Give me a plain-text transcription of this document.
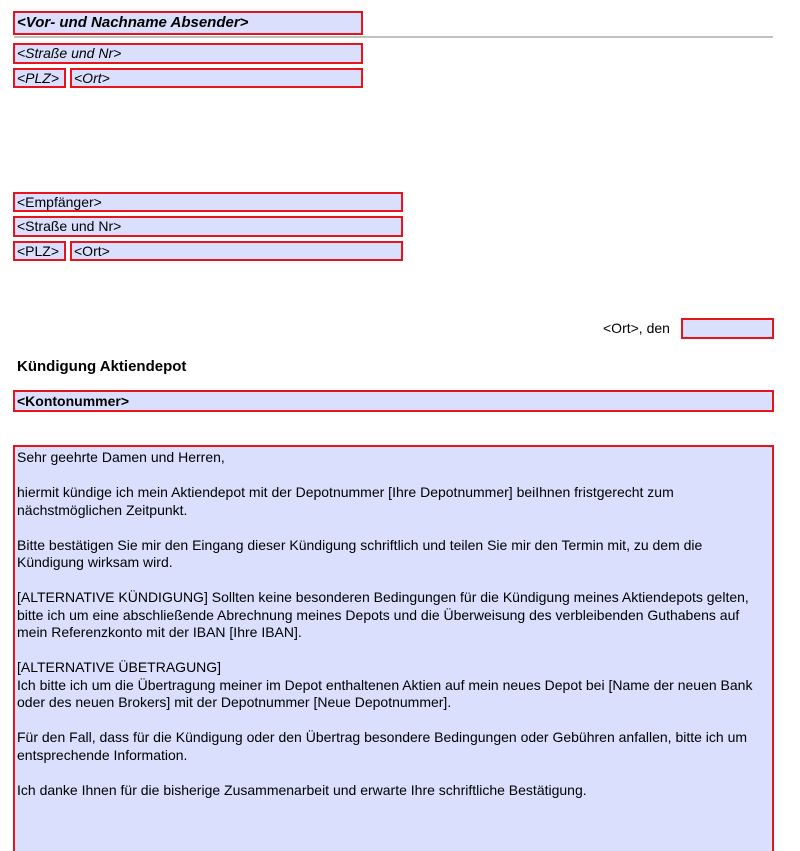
<Vor- und Nachname Absender>
<Straße und Nr>
<PLZ>	<Ort>
<Empfänger>
<Straße und Nr>
<PLZ>	<Ort>
<Ort>, den
Kündigung Aktiendepot
<Kontonummer>

Sehr geehrte Damen und Herren,

hiermit kündige ich mein Aktiendepot mit der Depotnummer [Ihre Depotnummer] beiIhnen fristgerecht zum nächstmöglichen Zeitpunkt.

Bitte bestätigen Sie mir den Eingang dieser Kündigung schriftlich und teilen Sie mir den Termin mit, zu dem die Kündigung wirksam wird.

[ALTERNATIVE KÜNDIGUNG] Sollten keine besonderen Bedingungen für die Kündigung meines Aktiendepots gelten, bitte ich um eine abschließende Abrechnung meines Depots und die Überweisung des verbleibenden Guthabens auf mein Referenzkonto mit der IBAN [Ihre IBAN].

[ALTERNATIVE ÜBETRAGUNG]
Ich bitte ich um die Übertragung meiner im Depot enthaltenen Aktien auf mein neues Depot bei [Name der neuen Bank oder des neuen Brokers] mit der Depotnummer [Neue Depotnummer].

Für den Fall, dass für die Kündigung oder den Übertrag besondere Bedingungen oder Gebühren anfallen, bitte ich um entsprechende Information.

Ich danke Ihnen für die bisherige Zusammenarbeit und erwarte Ihre schriftliche Bestätigung.
